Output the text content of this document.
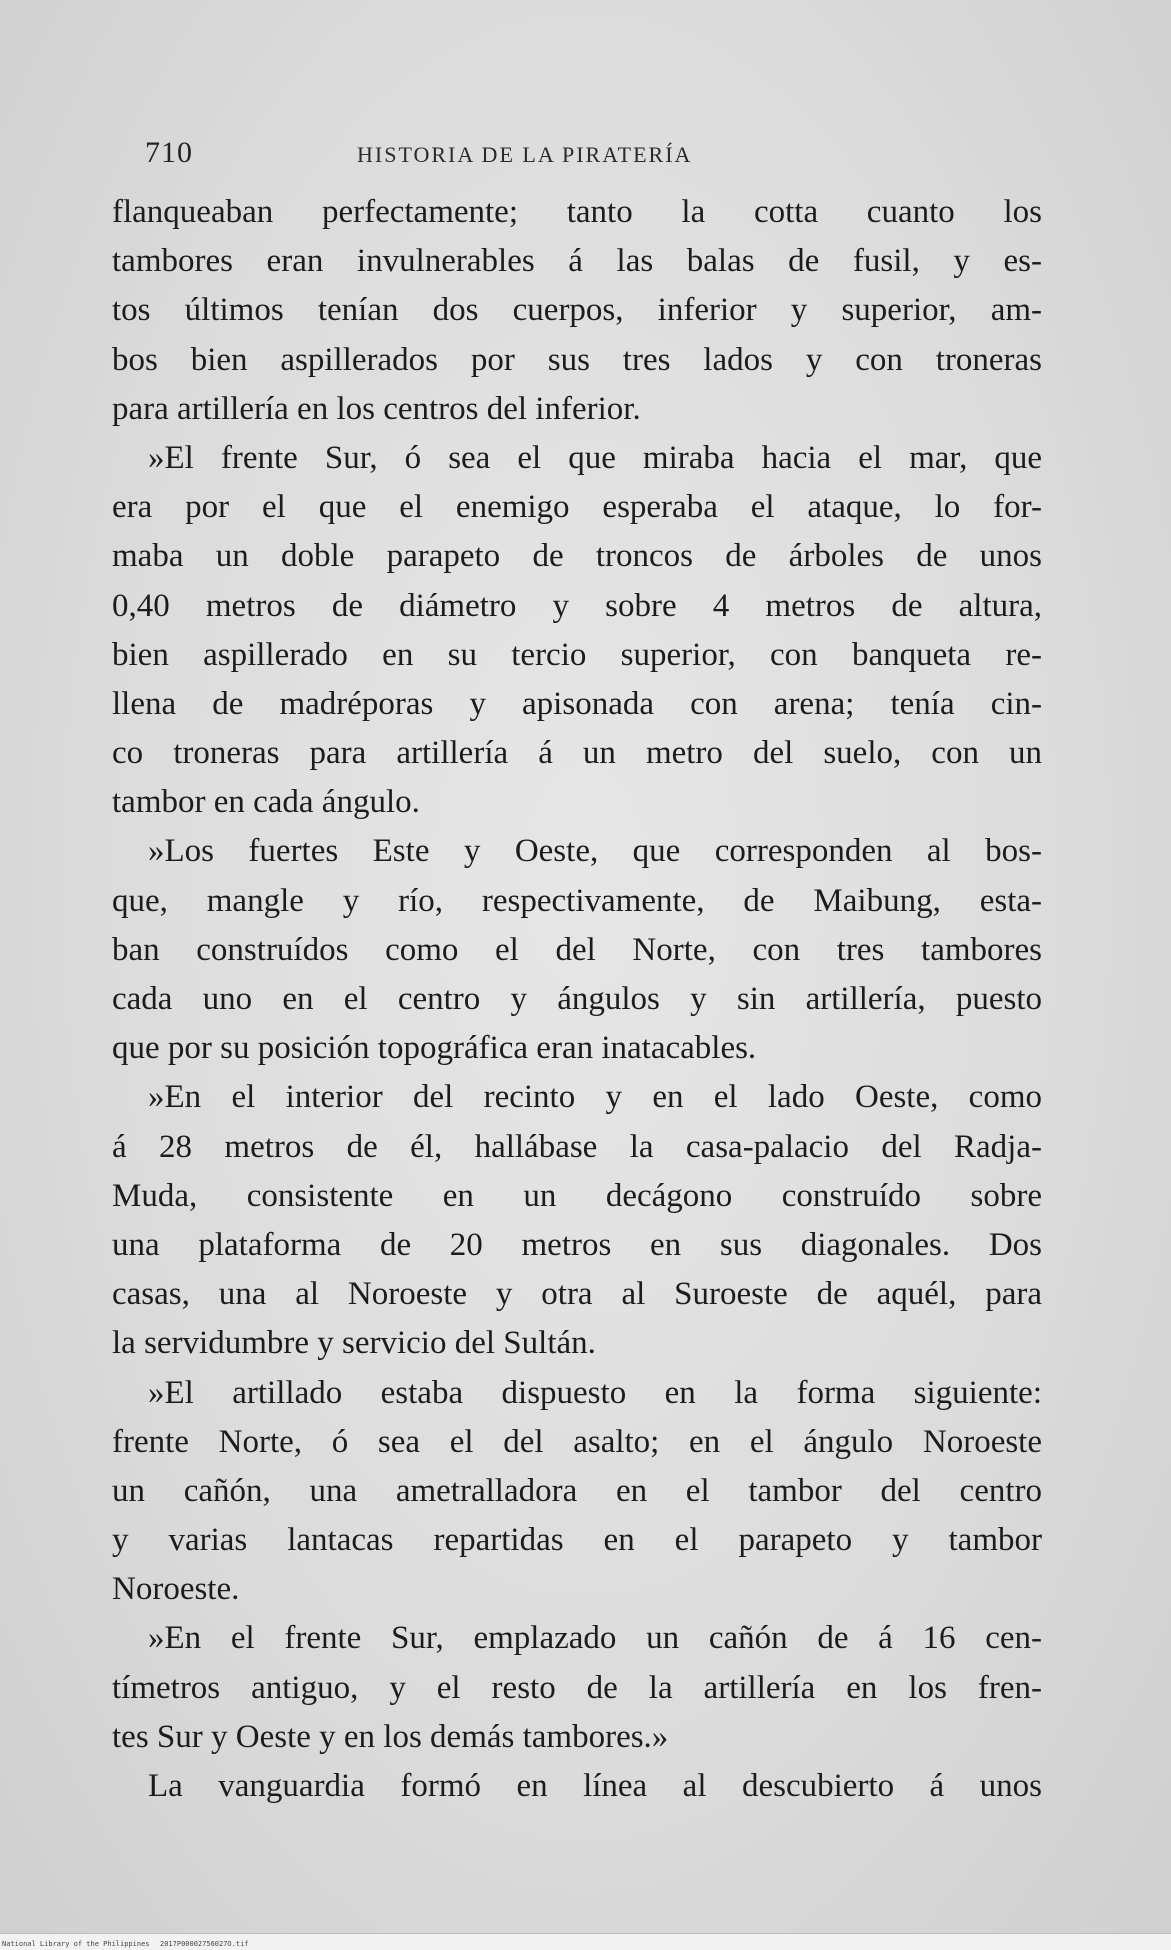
710	HISTORIA DE LA PIRATERÍA
flanqueaban perfectamente; tanto la cotta cuanto los
tambores eran invulnerables á las balas de fusil, y es-
tos últimos tenían dos cuerpos, inferior y superior, am-
bos bien aspillerados por sus tres lados y con troneras
para artillería en los centros del inferior.
»El frente Sur, ó sea el que miraba hacia el mar, que
era por el que el enemigo esperaba el ataque, lo for-
maba un doble parapeto de troncos de árboles de unos
0,40 metros de diámetro y sobre 4 metros de altura,
bien aspillerado en su tercio superior, con banqueta re-
llena de madréporas y apisonada con arena; tenía cin-
co troneras para artillería á un metro del suelo, con un
tambor en cada ángulo.
»Los fuertes Este y Oeste, que corresponden al bos-
que, mangle y río, respectivamente, de Maibung, esta-
ban construídos como el del Norte, con tres tambores
cada uno en el centro y ángulos y sin artillería, puesto
que por su posición topográfica eran inatacables.
»En el interior del recinto y en el lado Oeste, como
á 28 metros de él, hallábase la casa-palacio del Radja-
Muda, consistente en un decágono construído sobre
una plataforma de 20 metros en sus diagonales. Dos
casas, una al Noroeste y otra al Suroeste de aquél, para
la servidumbre y servicio del Sultán.
»El artillado estaba dispuesto en la forma siguiente:
frente Norte, ó sea el del asalto; en el ángulo Noroeste
un cañón, una ametralladora en el tambor del centro
y varias lantacas repartidas en el parapeto y tambor
Noroeste.
»En el frente Sur, emplazado un cañón de á 16 cen-
tímetros antiguo, y el resto de la artillería en los fren-
tes Sur y Oeste y en los demás tambores.»
La vanguardia formó en línea al descubierto á unos
National Library of the Philippines 2017P00002756027O.tif
